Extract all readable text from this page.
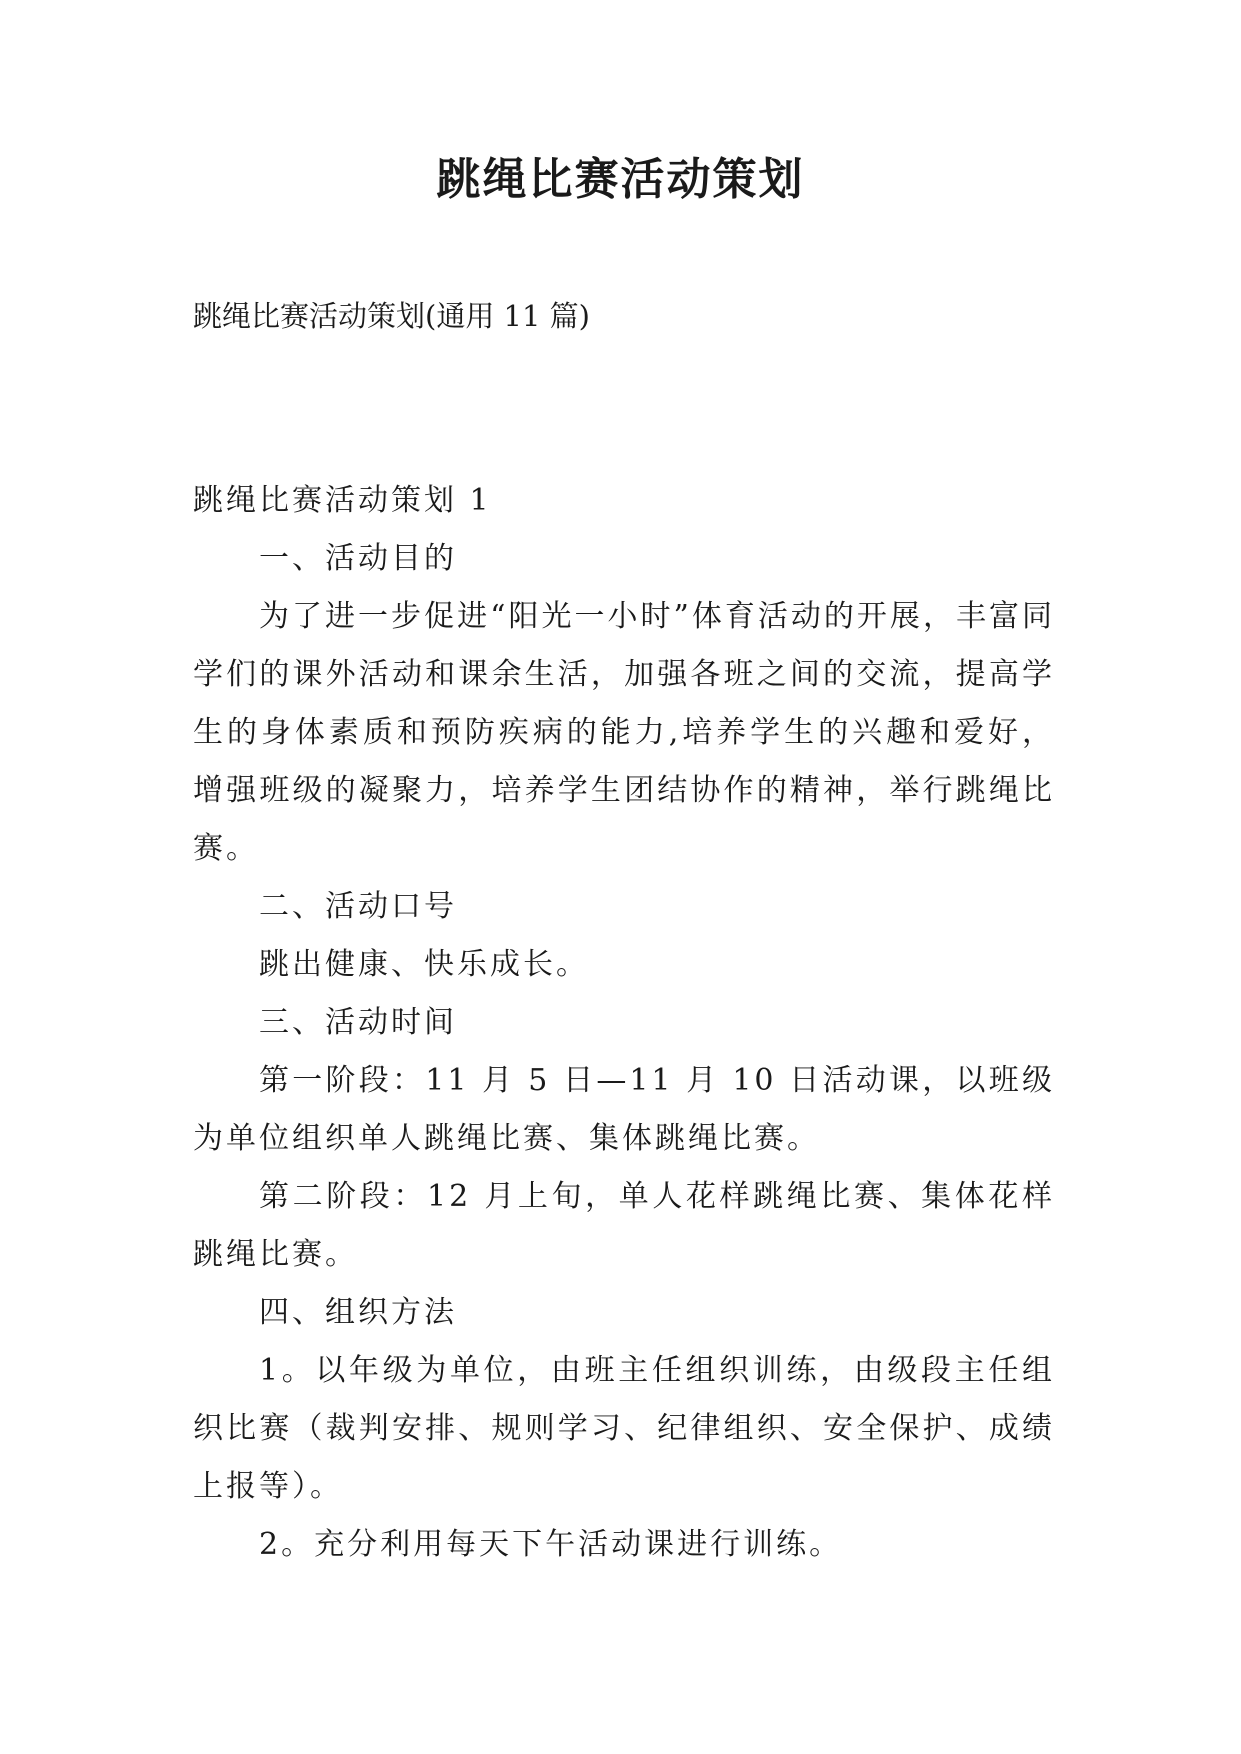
跳绳比赛活动策划

跳绳比赛活动策划(通用 11 篇)

跳绳比赛活动策划 1

一、活动目的

为了进一步促进“阳光一小时”体育活动的开展，丰富同学们的课外活动和课余生活，加强各班之间的交流，提高学生的身体素质和预防疾病的能力,培养学生的兴趣和爱好，增强班级的凝聚力，培养学生团结协作的精神，举行跳绳比赛。

二、活动口号

跳出健康、快乐成长。

三、活动时间

第一阶段：11 月 5 日—11 月 10 日活动课，以班级为单位组织单人跳绳比赛、集体跳绳比赛。

第二阶段：12 月上旬，单人花样跳绳比赛、集体花样跳绳比赛。

四、组织方法

1。以年级为单位，由班主任组织训练，由级段主任组织比赛（裁判安排、规则学习、纪律组织、安全保护、成绩上报等）。

2。充分利用每天下午活动课进行训练。
